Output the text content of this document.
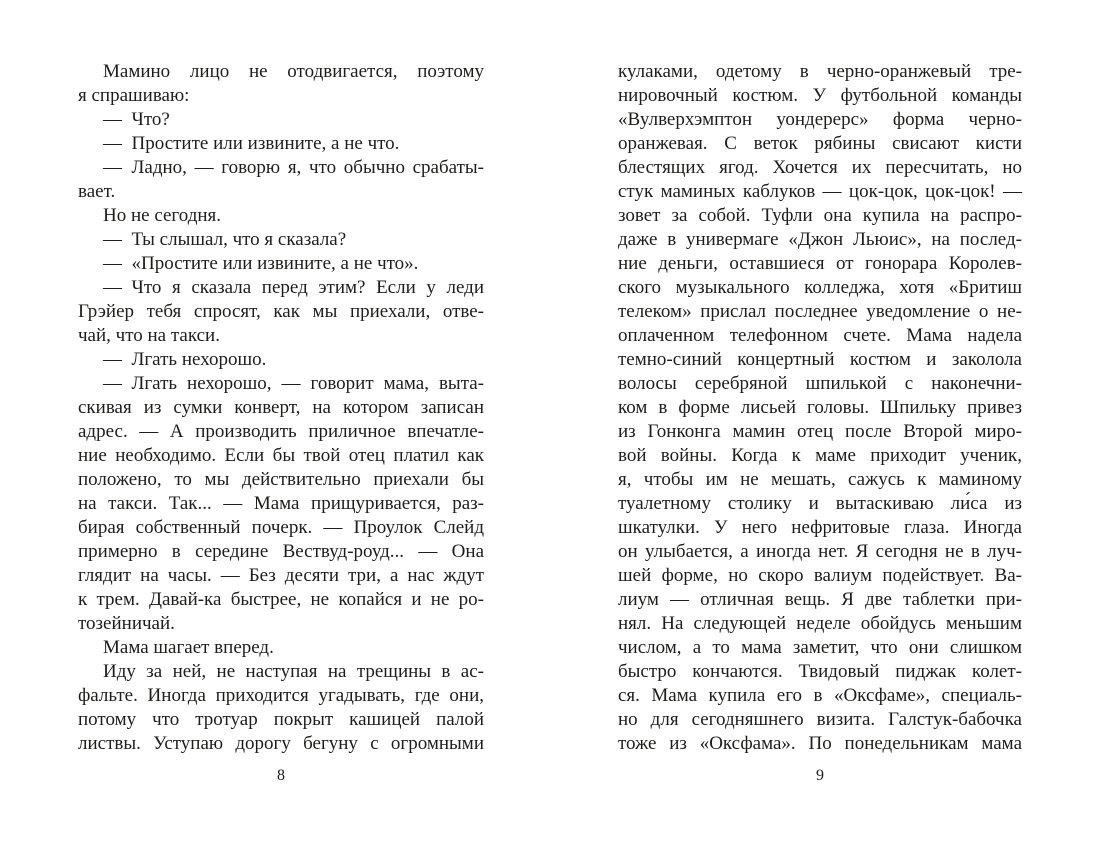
Мамино лицо не отодвигается, поэтому
я спрашиваю:
— Что?
— Простите или извините, а не что.
— Ладно, — говорю я, что обычно срабаты-
вает.
Но не сегодня.
— Ты слышал, что я сказала?
— «Простите или извините, а не что».
— Что я сказала перед этим? Если у леди
Грэйер тебя спросят, как мы приехали, отве-
чай, что на такси.
— Лгать нехорошо.
— Лгать нехорошо, — говорит мама, выта-
скивая из сумки конверт, на котором записан
адрес. — А производить приличное впечатле-
ние необходимо. Если бы твой отец платил как
положено, то мы действительно приехали бы
на такси. Так... — Мама прищуривается, раз-
бирая собственный почерк. — Проулок Слейд
примерно в середине Вествуд-роуд... — Она
глядит на часы. — Без десяти три, а нас ждут
к трем. Давай-ка быстрее, не копайся и не ро-
тозейничай.
Мама шагает вперед.
Иду за ней, не наступая на трещины в ас-
фальте. Иногда приходится угадывать, где они,
потому что тротуар покрыт кашицей палой
листвы. Уступаю дорогу бегуну с огромными
8
кулаками, одетому в черно-оранжевый тре-
нировочный костюм. У футбольной команды
«Вулверхэмптон уондерерс» форма черно-
оранжевая. С веток рябины свисают кисти
блестящих ягод. Хочется их пересчитать, но
стук маминых каблуков — цок-цок, цок-цок! —
зовет за собой. Туфли она купила на распро-
даже в универмаге «Джон Льюис», на послед-
ние деньги, оставшиеся от гонорара Королев-
ского музыкального колледжа, хотя «Бритиш
телеком» прислал последнее уведомление о не-
оплаченном телефонном счете. Мама надела
темно-синий концертный костюм и заколола
волосы серебряной шпилькой с наконечни-
ком в форме лисьей головы. Шпильку привез
из Гонконга мамин отец после Второй миро-
вой войны. Когда к маме приходит ученик,
я, чтобы им не мешать, сажусь к маминому
туалетному столику и вытаскиваю ли́са из
шкатулки. У него нефритовые глаза. Иногда
он улыбается, а иногда нет. Я сегодня не в луч-
шей форме, но скоро валиум подействует. Ва-
лиум — отличная вещь. Я две таблетки при-
нял. На следующей неделе обойдусь меньшим
числом, а то мама заметит, что они слишком
быстро кончаются. Твидовый пиджак колет-
ся. Мама купила его в «Оксфаме», специаль-
но для сегодняшнего визита. Галстук-бабочка
тоже из «Оксфама». По понедельникам мама
9
